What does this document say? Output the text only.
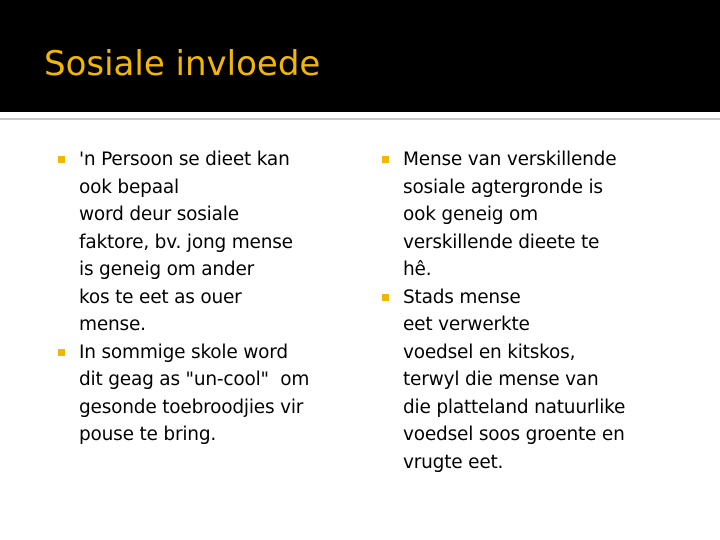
Sosiale invloede
'n Persoon se dieet kan
ook bepaal
word deur sosiale
faktore, bv. jong mense
is geneig om ander
kos te eet as ouer
mense.
In sommige skole word
dit geag as "un-cool"  om
gesonde toebroodjies vir
pouse te bring.
Mense van verskillende
sosiale agtergronde is
ook geneig om
verskillende dieete te
hê.
Stads mense
eet verwerkte
voedsel en kitskos,
terwyl die mense van
die platteland natuurlike
voedsel soos groente en
vrugte eet.
